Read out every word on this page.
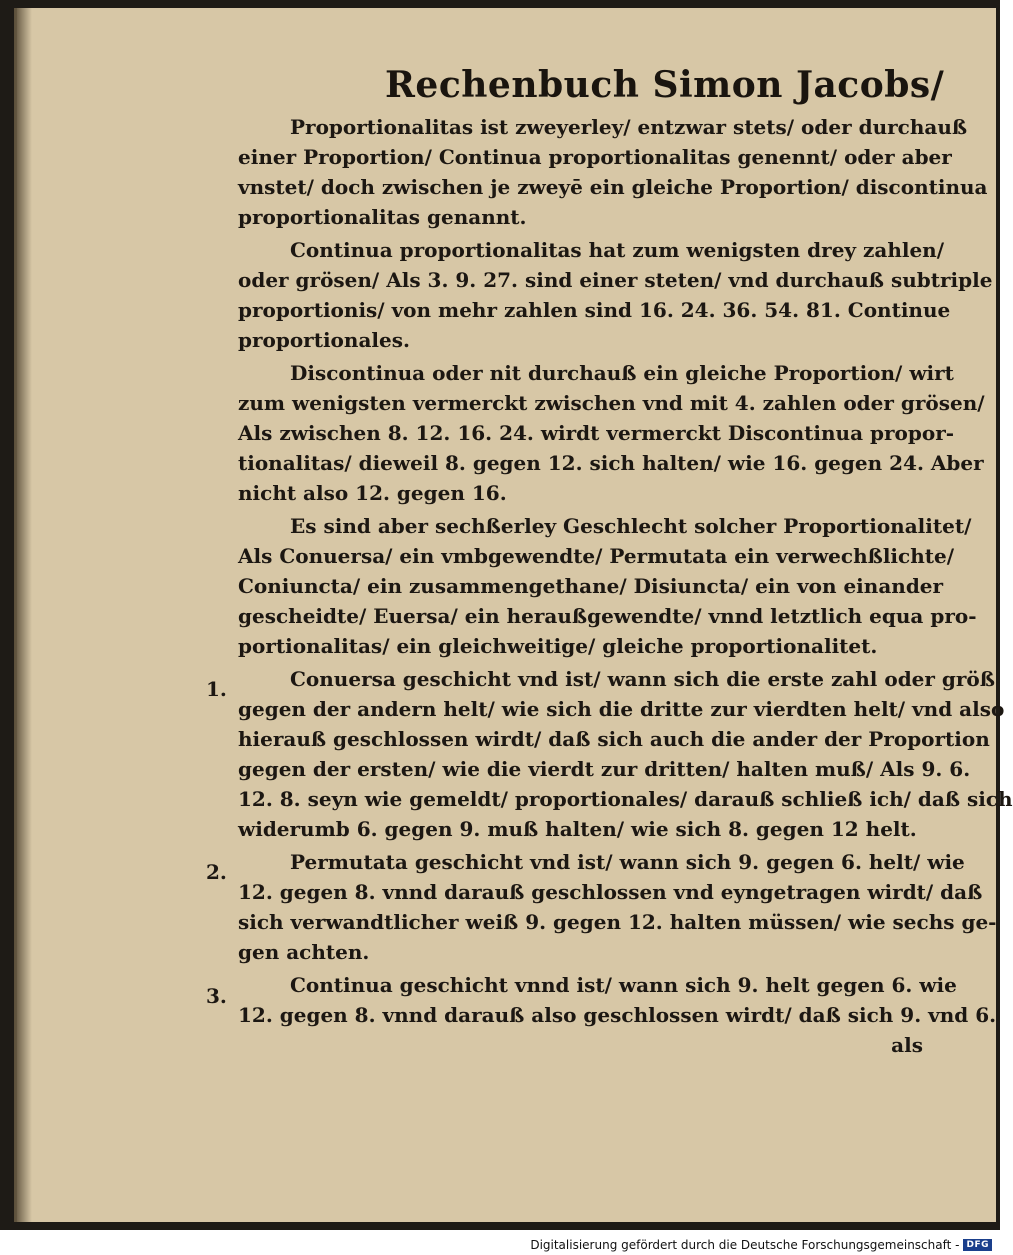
Rechenbuch Simon Jacobs/
Proportionalitas ist zweyerley/ entzwar stets/ oder durchauß
einer Proportion/ Continua proportionalitas genennt/ oder aber
vnstet/ doch zwischen je zweyē ein gleiche Proportion/ discontinua
proportionalitas genannt.
Continua proportionalitas hat zum wenigsten drey zahlen/
oder grösen/ Als 3. 9. 27. sind einer steten/ vnd durchauß subtriple
proportionis/ von mehr zahlen sind 16. 24. 36. 54. 81. Continue
proportionales.
Discontinua oder nit durchauß ein gleiche Proportion/ wirt
zum wenigsten vermerckt zwischen vnd mit 4. zahlen oder grösen/
Als zwischen 8. 12. 16. 24. wirdt vermerckt Discontinua propor-
tionalitas/ dieweil 8. gegen 12. sich halten/ wie 16. gegen 24. Aber
nicht also 12. gegen 16.
Es sind aber sechßerley Geschlecht solcher Proportionalitet/
Als Conuersa/ ein vmbgewendte/ Permutata ein verwechßlichte/
Coniuncta/ ein zusammengethane/ Disiuncta/ ein von einander
gescheidte/ Euersa/ ein heraußgewendte/ vnnd letztlich equa pro-
portionalitas/ ein gleichweitige/ gleiche proportionalitet.
Conuersa geschicht vnd ist/ wann sich die erste zahl oder größ
gegen der andern helt/ wie sich die dritte zur vierdten helt/ vnd also
hierauß geschlossen wirdt/ daß sich auch die ander der Proportion
gegen der ersten/ wie die vierdt zur dritten/ halten muß/ Als 9. 6.
12. 8. seyn wie gemeldt/ proportionales/ darauß schließ ich/ daß sich
widerumb 6. gegen 9. muß halten/ wie sich 8. gegen 12 helt.
Permutata geschicht vnd ist/ wann sich 9. gegen 6. helt/ wie
12. gegen 8. vnnd darauß geschlossen vnd eyngetragen wirdt/ daß
sich verwandtlicher weiß 9. gegen 12. halten müssen/ wie sechs ge-
gen achten.
Continua geschicht vnnd ist/ wann sich 9. helt gegen 6. wie
12. gegen 8. vnnd darauß also geschlossen wirdt/ daß sich 9. vnd 6.
als
1.
2.
3.
Digitalisierung gefördert durch die Deutsche Forschungsgemeinschaft - DFG
